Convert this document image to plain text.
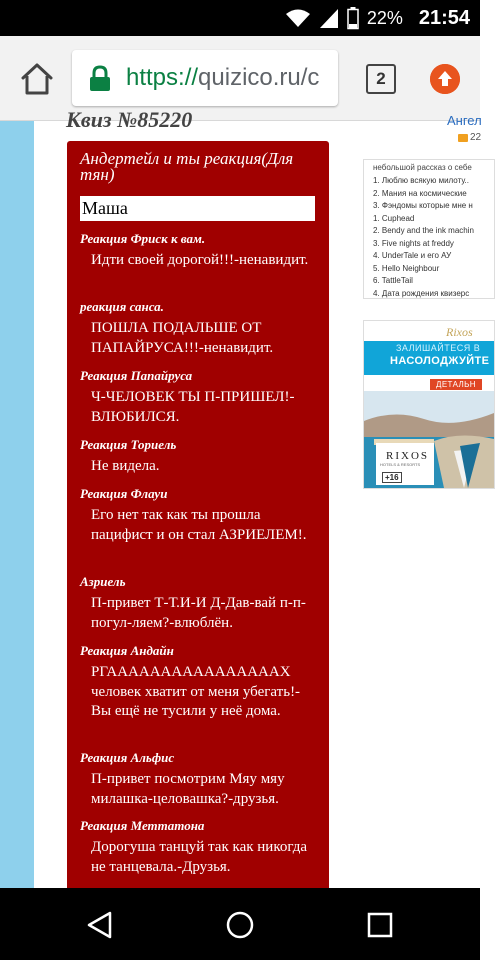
22% 21:54
https://quizico.ru/c	2
Квиз №85220	Ангел
22
Андертейл и ты реакция(Для тян)
Маша
Реакция Фриск к вам.
Идти своей дорогой!!!-ненавидит.
реакция санса.
ПОШЛА ПОДАЛЬШЕ ОТ ПАПАЙРУСА!!!-ненавидит.
Реакция Папайруса
Ч-ЧЕЛОВЕК ТЫ П-ПРИШЕЛ!-ВЛЮБИЛСЯ.
Реакция Ториель
Не видела.
Реакция Флауи
Его нет так как ты прошла пацифист и он стал АЗРИЕЛЕМ!.
Азриель
П-привет Т-Т.И-И Д-Дав-вай п-п-погул-ляем?-влюблён.
Реакция Андайн
РГААААААААААААААААХ человек хватит от меня убегать!-Вы ещё не тусили у неё дома.
Реакция Альфис
П-привет посмотрим Мяу мяу милашка-целовашка?-друзья.
Реакция Меттатона
Дорогуша танцуй так как никогда не танцевала.-Друзья.
небольшой рассказ о себе
1. Люблю всякую милоту..
2. Мания на космические
3. Фэндомы которые мне н
1. Cuphead
2. Bendy and the ink machin
3. Five nights at freddy
4. UnderTale и его АУ
5. Hello Neighbour
6. TattleTail
4. Дата рождения квизерс
Rixos
ЗАЛИШАЙТЕСЯ В
НАСОЛОДЖУЙТЕ
ДЕТАЛЬН
RIXOS
HOTELS & RESORTS
+16
